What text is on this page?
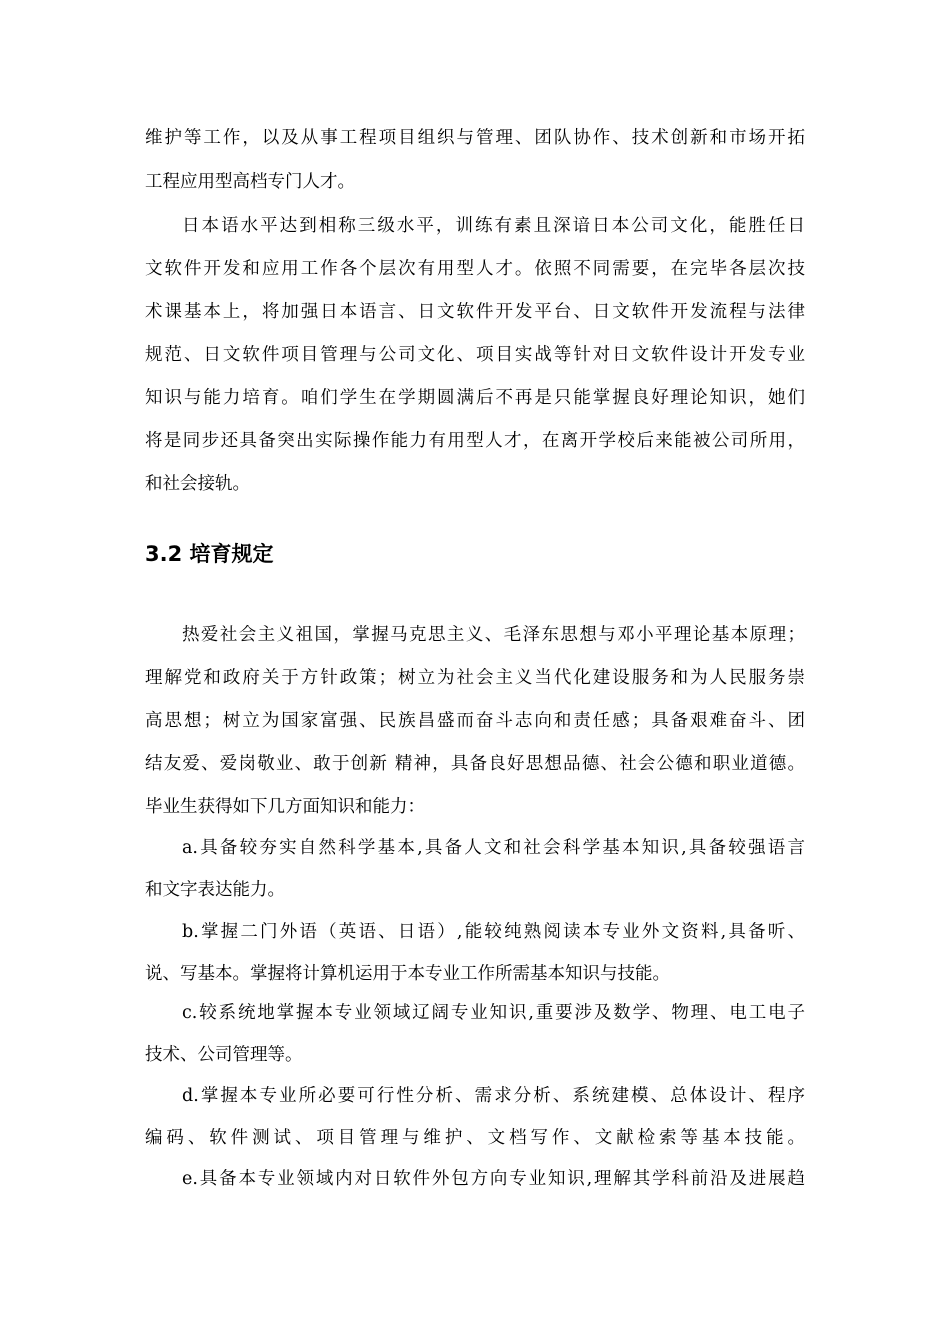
维护等工作，以及从事工程项目组织与管理、团队协作、技术创新和市场开拓
工程应用型高档专门人才。
日本语水平达到相称三级水平，训练有素且深谙日本公司文化，能胜任日
文软件开发和应用工作各个层次有用型人才。依照不同需要，在完毕各层次技
术课基本上，将加强日本语言、日文软件开发平台、日文软件开发流程与法律
规范、日文软件项目管理与公司文化、项目实战等针对日文软件设计开发专业
知识与能力培育。咱们学生在学期圆满后不再是只能掌握良好理论知识，她们
将是同步还具备突出实际操作能力有用型人才，在离开学校后来能被公司所用，
和社会接轨。
3.2 培育规定
热爱社会主义祖国，掌握马克思主义、毛泽东思想与邓小平理论基本原理；
理解党和政府关于方针政策；树立为社会主义当代化建设服务和为人民服务崇
高思想；树立为国家富强、民族昌盛而奋斗志向和责任感；具备艰难奋斗、团
结友爱、爱岗敬业、敢于创新 精神，具备良好思想品德、社会公德和职业道德。
毕业生获得如下几方面知识和能力：
a.具备较夯实自然科学基本,具备人文和社会科学基本知识,具备较强语言
和文字表达能力。
b.掌握二门外语（英语、日语）,能较纯熟阅读本专业外文资料,具备听、
说、写基本。掌握将计算机运用于本专业工作所需基本知识与技能。
c.较系统地掌握本专业领域辽阔专业知识,重要涉及数学、物理、电工电子
技术、公司管理等。
d.掌握本专业所必要可行性分析、需求分析、系统建模、总体设计、程序
编码、软件测试、项目管理与维护、文档写作、文献检索等基本技能。
e.具备本专业领域内对日软件外包方向专业知识,理解其学科前沿及进展趋
